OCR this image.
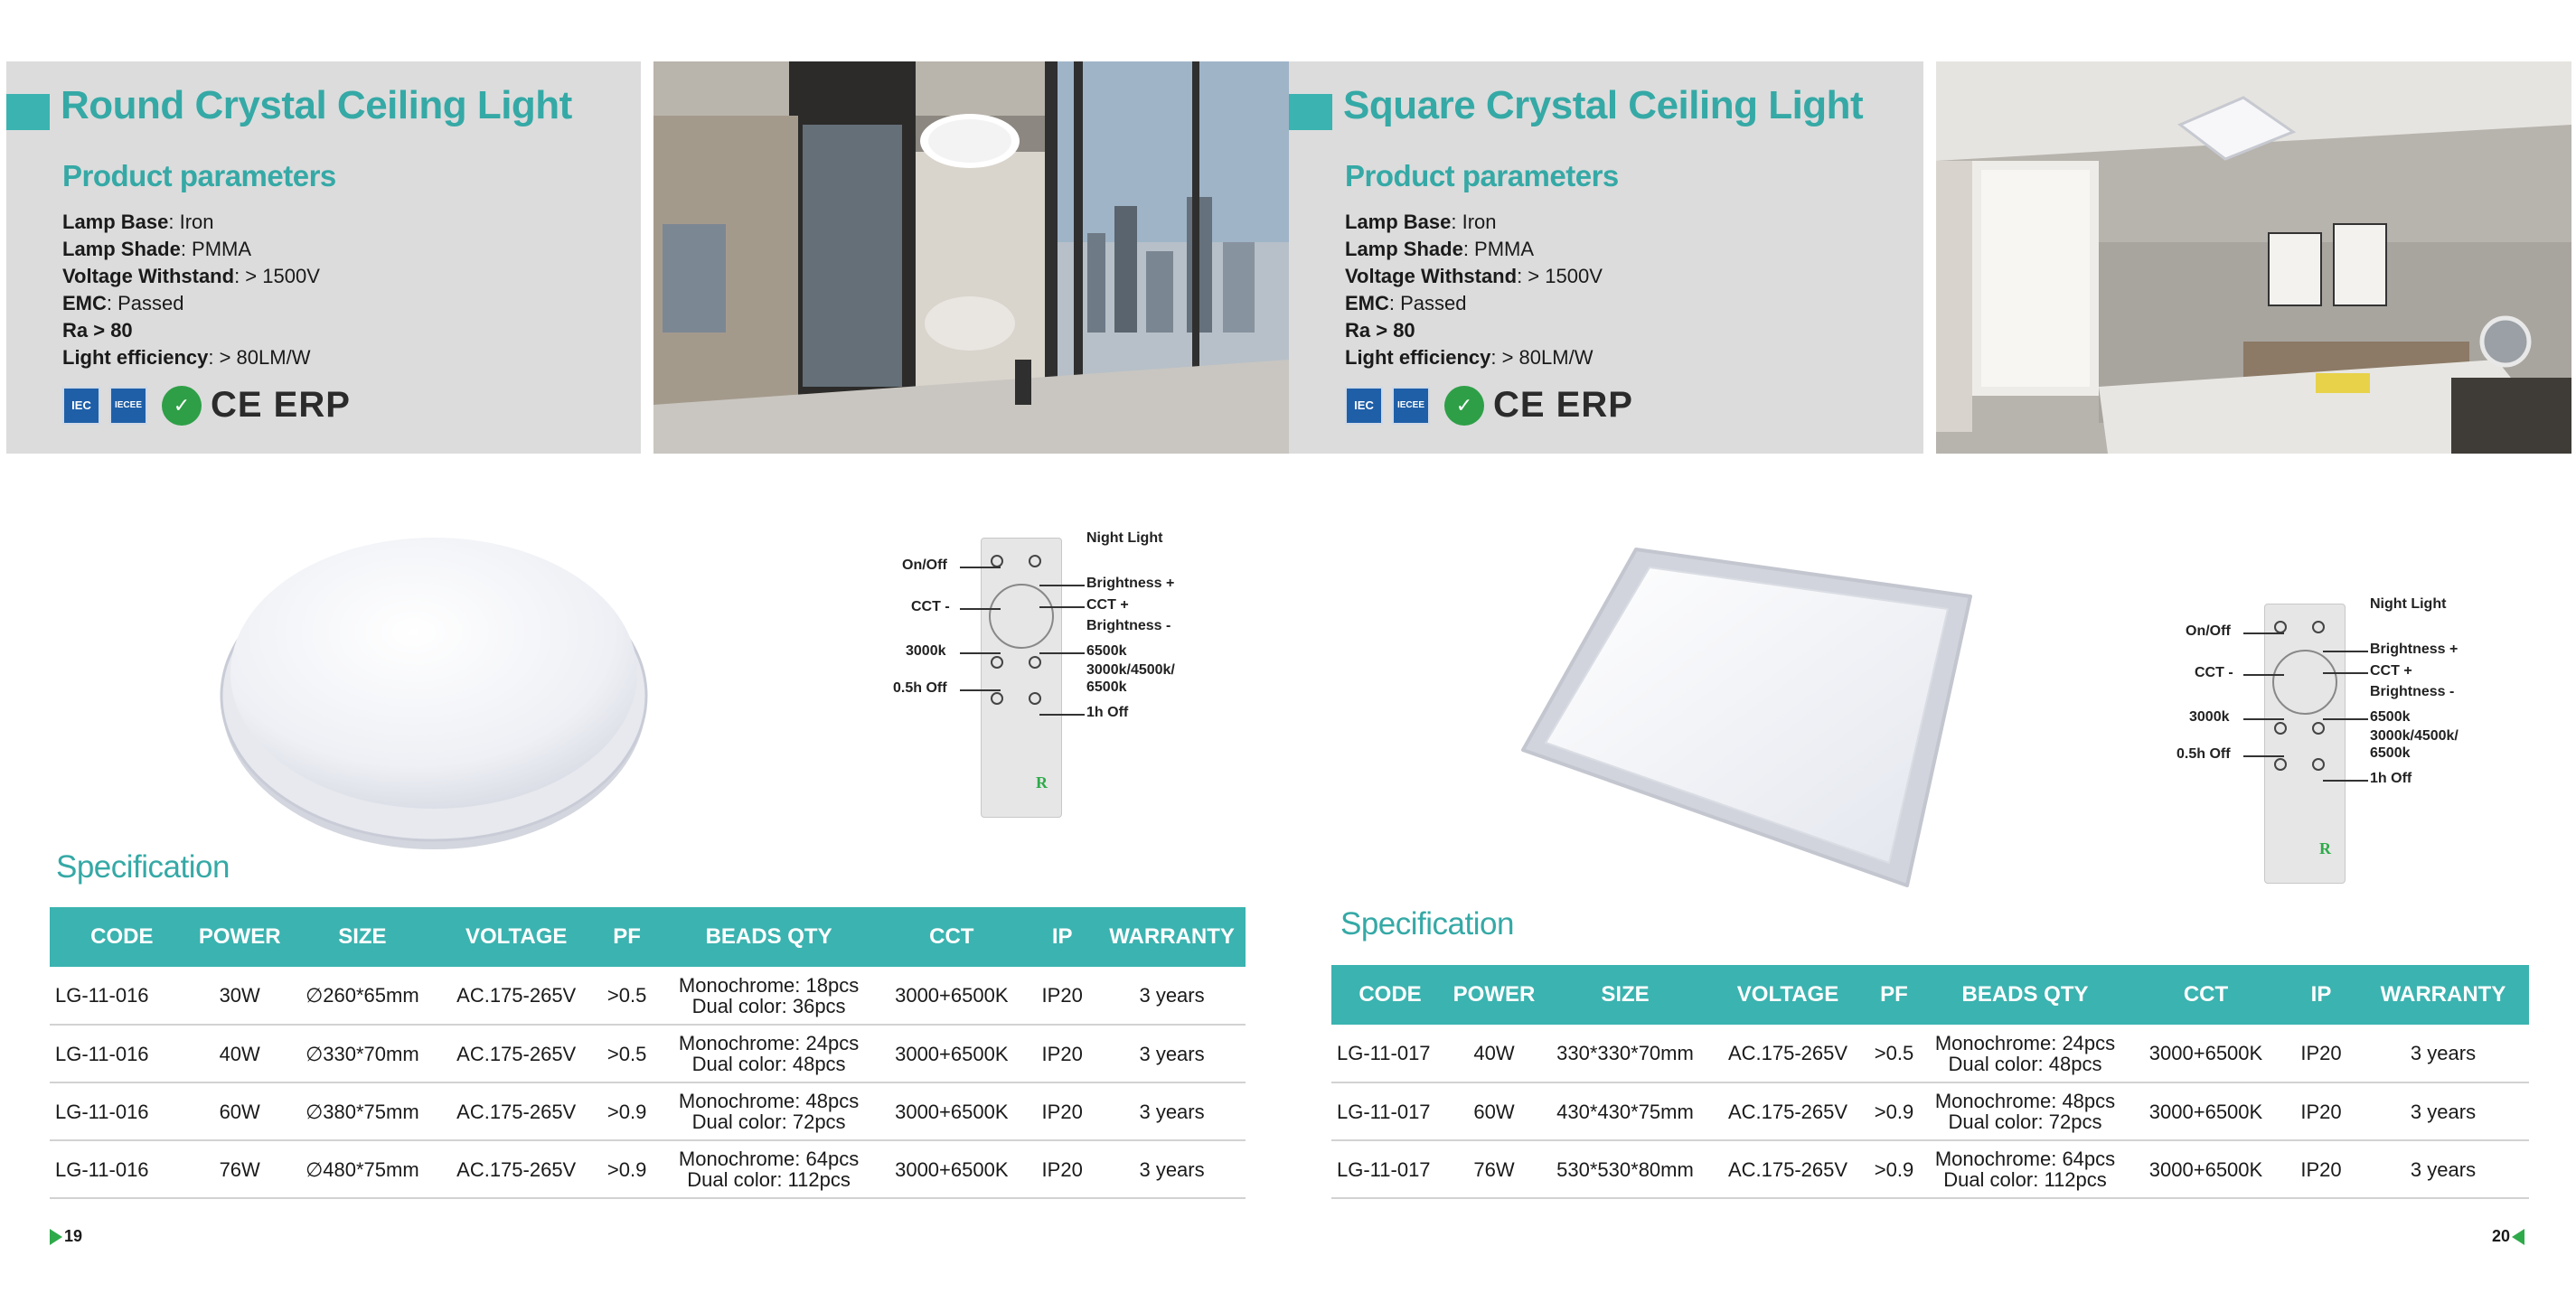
Round Crystal Ceiling Light
Product parameters
Lamp Base: Iron
Lamp Shade: PMMA
Voltage Withstand: > 1500V
EMC: Passed
Ra > 80
Light efficiency: > 80LM/W
IEC	IECEE	✓ CE ERP
R
Night Light
On/Off
Brightness +
CCT -	CCT +
Brightness -
3000k	6500k
3000k/4500k/
6500k
0.5h Off
1h Off
Specification
CODE	POWER	SIZE	VOLTAGE	PF	BEADS QTY	CCT	IP	WARRANTY
LG-11-016	30W	∅260*65mm	AC.175-265V	>0.5	Monochrome: 18pcs
Dual color: 36pcs	3000+6500K	IP20	3 years
LG-11-016	40W	∅330*70mm	AC.175-265V	>0.5	Monochrome: 24pcs
Dual color: 48pcs	3000+6500K	IP20	3 years
LG-11-016	60W	∅380*75mm	AC.175-265V	>0.9	Monochrome: 48pcs
Dual color: 72pcs	3000+6500K	IP20	3 years
LG-11-016	76W	∅480*75mm	AC.175-265V	>0.9	Monochrome: 64pcs
Dual color: 112pcs	3000+6500K	IP20	3 years
19
Square Crystal Ceiling Light
Product parameters
Lamp Base: Iron
Lamp Shade: PMMA
Voltage Withstand: > 1500V
EMC: Passed
Ra > 80
Light efficiency: > 80LM/W
IEC	IECEE	✓ CE ERP
R
Night Light
On/Off
Brightness +
CCT -	CCT +
Brightness -
3000k	6500k
3000k/4500k/
6500k
0.5h Off
1h Off
Specification
CODE	POWER	SIZE	VOLTAGE	PF	BEADS QTY	CCT	IP	WARRANTY
LG-11-017	40W	330*330*70mm	AC.175-265V	>0.5	Monochrome: 24pcs
Dual color: 48pcs	3000+6500K	IP20	3 years
LG-11-017	60W	430*430*75mm	AC.175-265V	>0.9	Monochrome: 48pcs
Dual color: 72pcs	3000+6500K	IP20	3 years
LG-11-017	76W	530*530*80mm	AC.175-265V	>0.9	Monochrome: 64pcs
Dual color: 112pcs	3000+6500K	IP20	3 years
20
